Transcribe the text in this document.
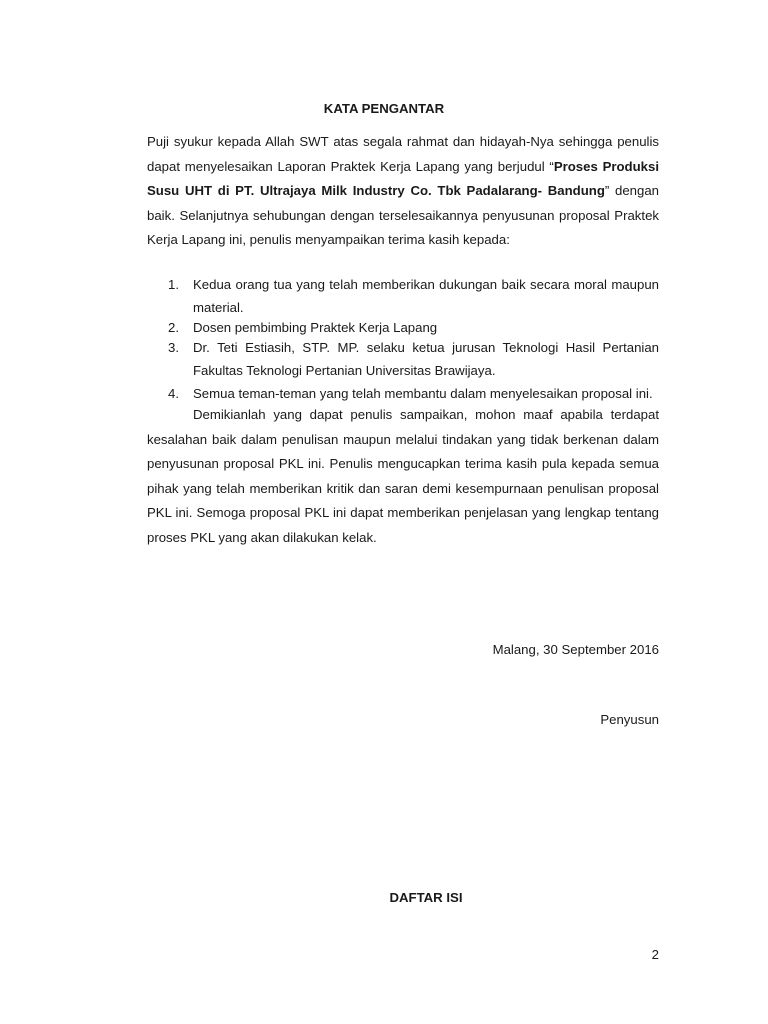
KATA PENGANTAR

Puji syukur kepada Allah SWT atas segala rahmat dan hidayah-Nya sehingga penulis dapat menyelesaikan Laporan Praktek Kerja Lapang yang berjudul “Proses Produksi Susu UHT di PT. Ultrajaya Milk Industry Co. Tbk Padalarang- Bandung” dengan baik. Selanjutnya sehubungan dengan terselesaikannya penyusunan proposal Praktek Kerja Lapang ini, penulis menyampaikan terima kasih kepada:

1. Kedua orang tua yang telah memberikan dukungan baik secara moral maupun material.
2. Dosen pembimbing Praktek Kerja Lapang
3. Dr. Teti Estiasih, STP. MP. selaku ketua jurusan Teknologi Hasil Pertanian Fakultas Teknologi Pertanian Universitas Brawijaya.
4. Semua teman-teman yang telah membantu dalam menyelesaikan proposal ini.

Demikianlah yang dapat penulis sampaikan, mohon maaf apabila terdapat kesalahan baik dalam penulisan maupun melalui tindakan yang tidak berkenan dalam penyusunan proposal PKL ini. Penulis mengucapkan terima kasih pula kepada semua pihak yang telah memberikan kritik dan saran demi kesempurnaan penulisan proposal PKL ini. Semoga proposal PKL ini dapat memberikan penjelasan yang lengkap tentang proses PKL yang akan dilakukan kelak.

Malang, 30 September 2016
Penyusun
DAFTAR ISI
2
